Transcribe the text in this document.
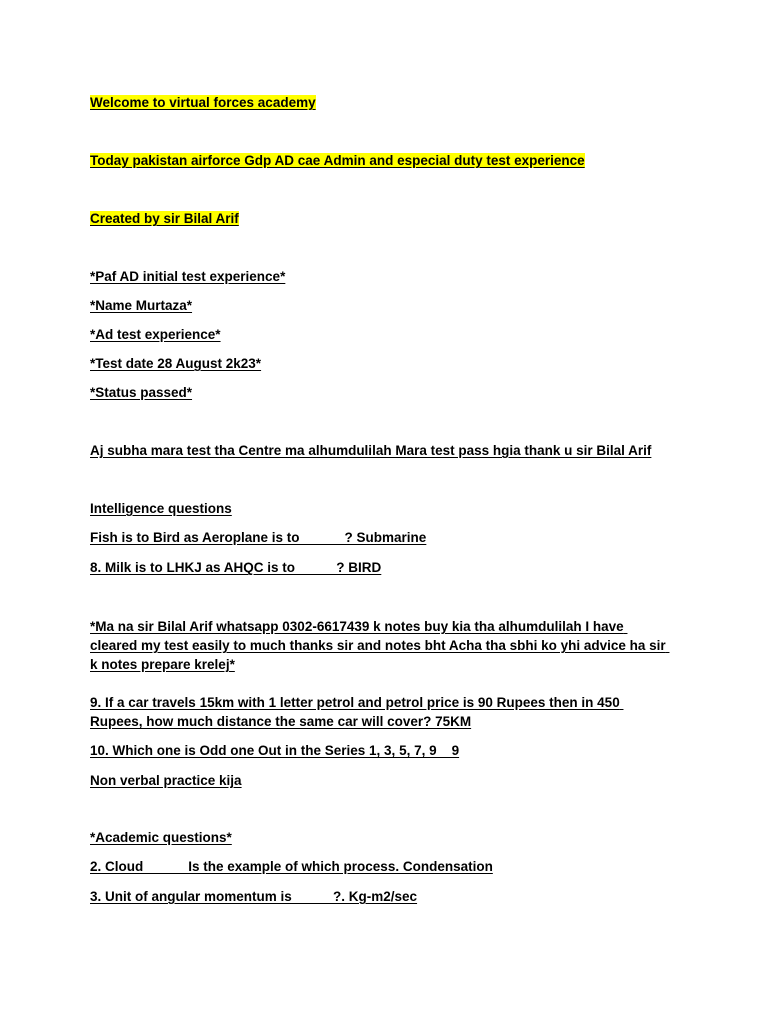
Welcome to virtual forces academy

Today pakistan airforce Gdp AD cae Admin and especial duty test experience

Created by sir Bilal Arif

*Paf AD initial test experience*

*Name Murtaza*

*Ad test experience*

*Test date 28 August 2k23*

*Status passed*

Aj subha mara test tha Centre ma alhumdulilah Mara test pass hgia thank u sir Bilal Arif

Intelligence questions

Fish is to Bird as Aeroplane is to            ? Submarine

8. Milk is to LHKJ as AHQC is to           ? BIRD

*Ma na sir Bilal Arif whatsapp 0302-6617439 k notes buy kia tha alhumdulilah I have cleared my test easily to much thanks sir and notes bht Acha tha sbhi ko yhi advice ha sir k notes prepare krelej*

9. If a car travels 15km with 1 letter petrol and petrol price is 90 Rupees then in 450 Rupees, how much distance the same car will cover? 75KM

10. Which one is Odd one Out in the Series 1, 3, 5, 7, 9    9

Non verbal practice kija

*Academic questions*

2. Cloud            Is the example of which process. Condensation

3. Unit of angular momentum is           ?. Kg-m2/sec
